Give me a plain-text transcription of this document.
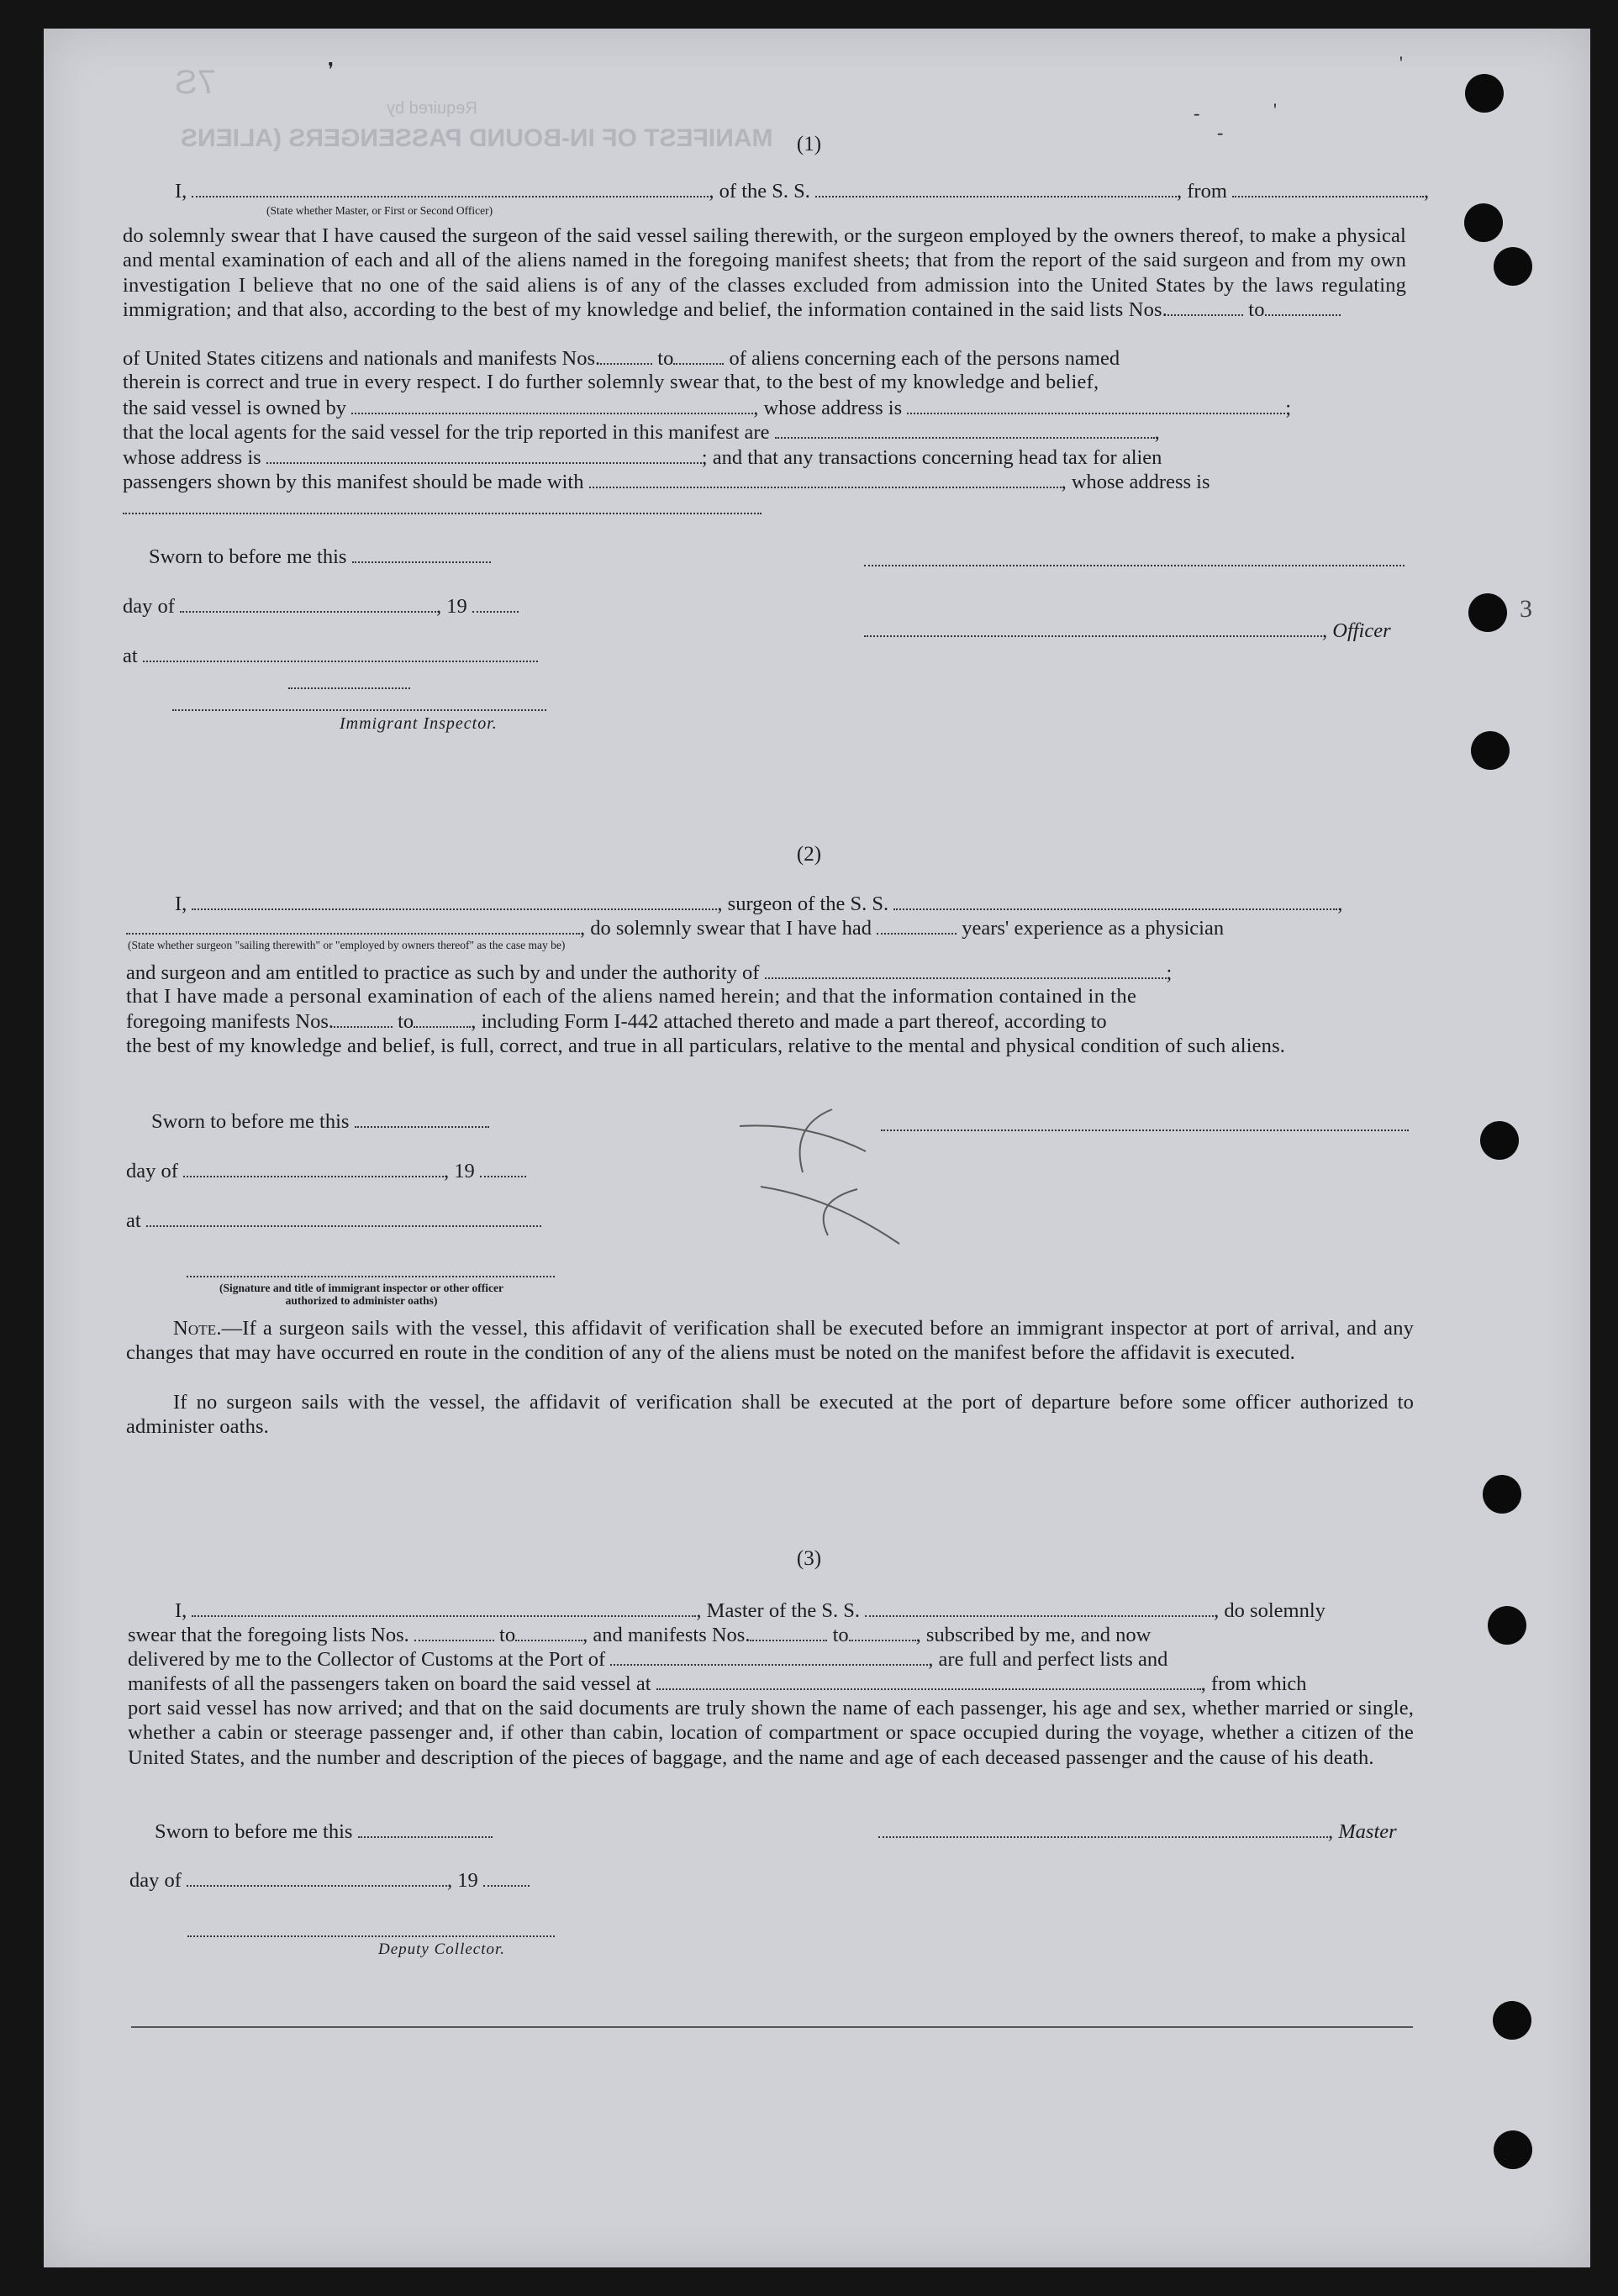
MANIFEST OF IN-BOUND PASSENGERS (ALIENS
Required by
7S	❜	'
-	'
-
(1)
I,	, of the S. S.	, from	,
(State whether Master, or First or Second Officer)
do solemnly swear that I have caused the surgeon of the said vessel sailing therewith, or the surgeon employed by the owners thereof, to make a physical and mental examination of each and all of the aliens named in the foregoing manifest sheets; that from the report of the said surgeon and from my own investigation I believe that no one of the said aliens is of any of the classes excluded from admission into the United States by the laws regulating immigration; and that also, according to the best of my knowledge and belief, the information contained in the said lists Nos.	to
of United States citizens and nationals and manifests Nos.	to	of aliens concerning each of the persons named
therein is correct and true in every respect. I do further solemnly swear that, to the best of my knowledge and belief,
the said vessel is owned by	, whose address is	;
that the local agents for the said vessel for the trip reported in this manifest are	,
whose address is	; and that any transactions concerning head tax for alien
passengers shown by this manifest should be made with	, whose address is
Sworn to before me this
day of	, 19
, Officer
at
Immigrant Inspector.
(2)
I,	, surgeon of the S. S.	,
, do solemnly swear that I have had	years' experience as a physician
(State whether surgeon "sailing therewith" or "employed by owners thereof" as the case may be)
and surgeon and am entitled to practice as such by and under the authority of	;
that I have made a personal examination of each of the aliens named herein; and that the information contained in the
foregoing manifests Nos.	to	, including Form I-442 attached thereto and made a part thereof, according to
the best of my knowledge and belief, is full, correct, and true in all particulars, relative to the mental and physical condition of such aliens.
Sworn to before me this
day of	, 19
at
(Signature and title of immigrant inspector or other officer authorized to administer oaths)
Note.—If a surgeon sails with the vessel, this affidavit of verification shall be executed before an immigrant inspector at port of arrival, and any changes that may have occurred en route in the condition of any of the aliens must be noted on the manifest before the affidavit is executed.
If no surgeon sails with the vessel, the affidavit of verification shall be executed at the port of departure before some officer authorized to administer oaths.
(3)
I,	, Master of the S. S.	, do solemnly
swear that the foregoing lists Nos.	to	, and manifests Nos.	to	, subscribed by me, and now
delivered by me to the Collector of Customs at the Port of	, are full and perfect lists and
manifests of all the passengers taken on board the said vessel at	, from which
port said vessel has now arrived; and that on the said documents are truly shown the name of each passenger, his age and sex, whether married or single, whether a cabin or steerage passenger and, if other than cabin, location of compartment or space occupied during the voyage, whether a citizen of the United States, and the number and description of the pieces of baggage, and the name and age of each deceased passenger and the cause of his death.
Sworn to before me this	, Master
day of	, 19
Deputy Collector.
3
